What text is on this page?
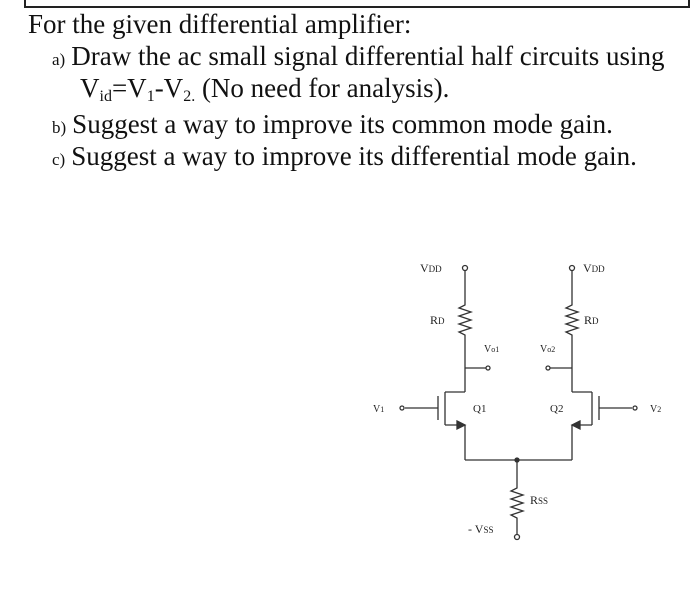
For the given differential amplifier:
a) Draw the ac small signal differential half circuits using
$V_{id}=V_1-V_{2.}$ (No need for analysis).
b) Suggest a way to improve its common mode gain.
c) Suggest a way to improve its differential mode gain.
VDD	VDD
RD	RD
Vo1	Vo2
Q1	Q2
V1	V2
RSS
- VSS
